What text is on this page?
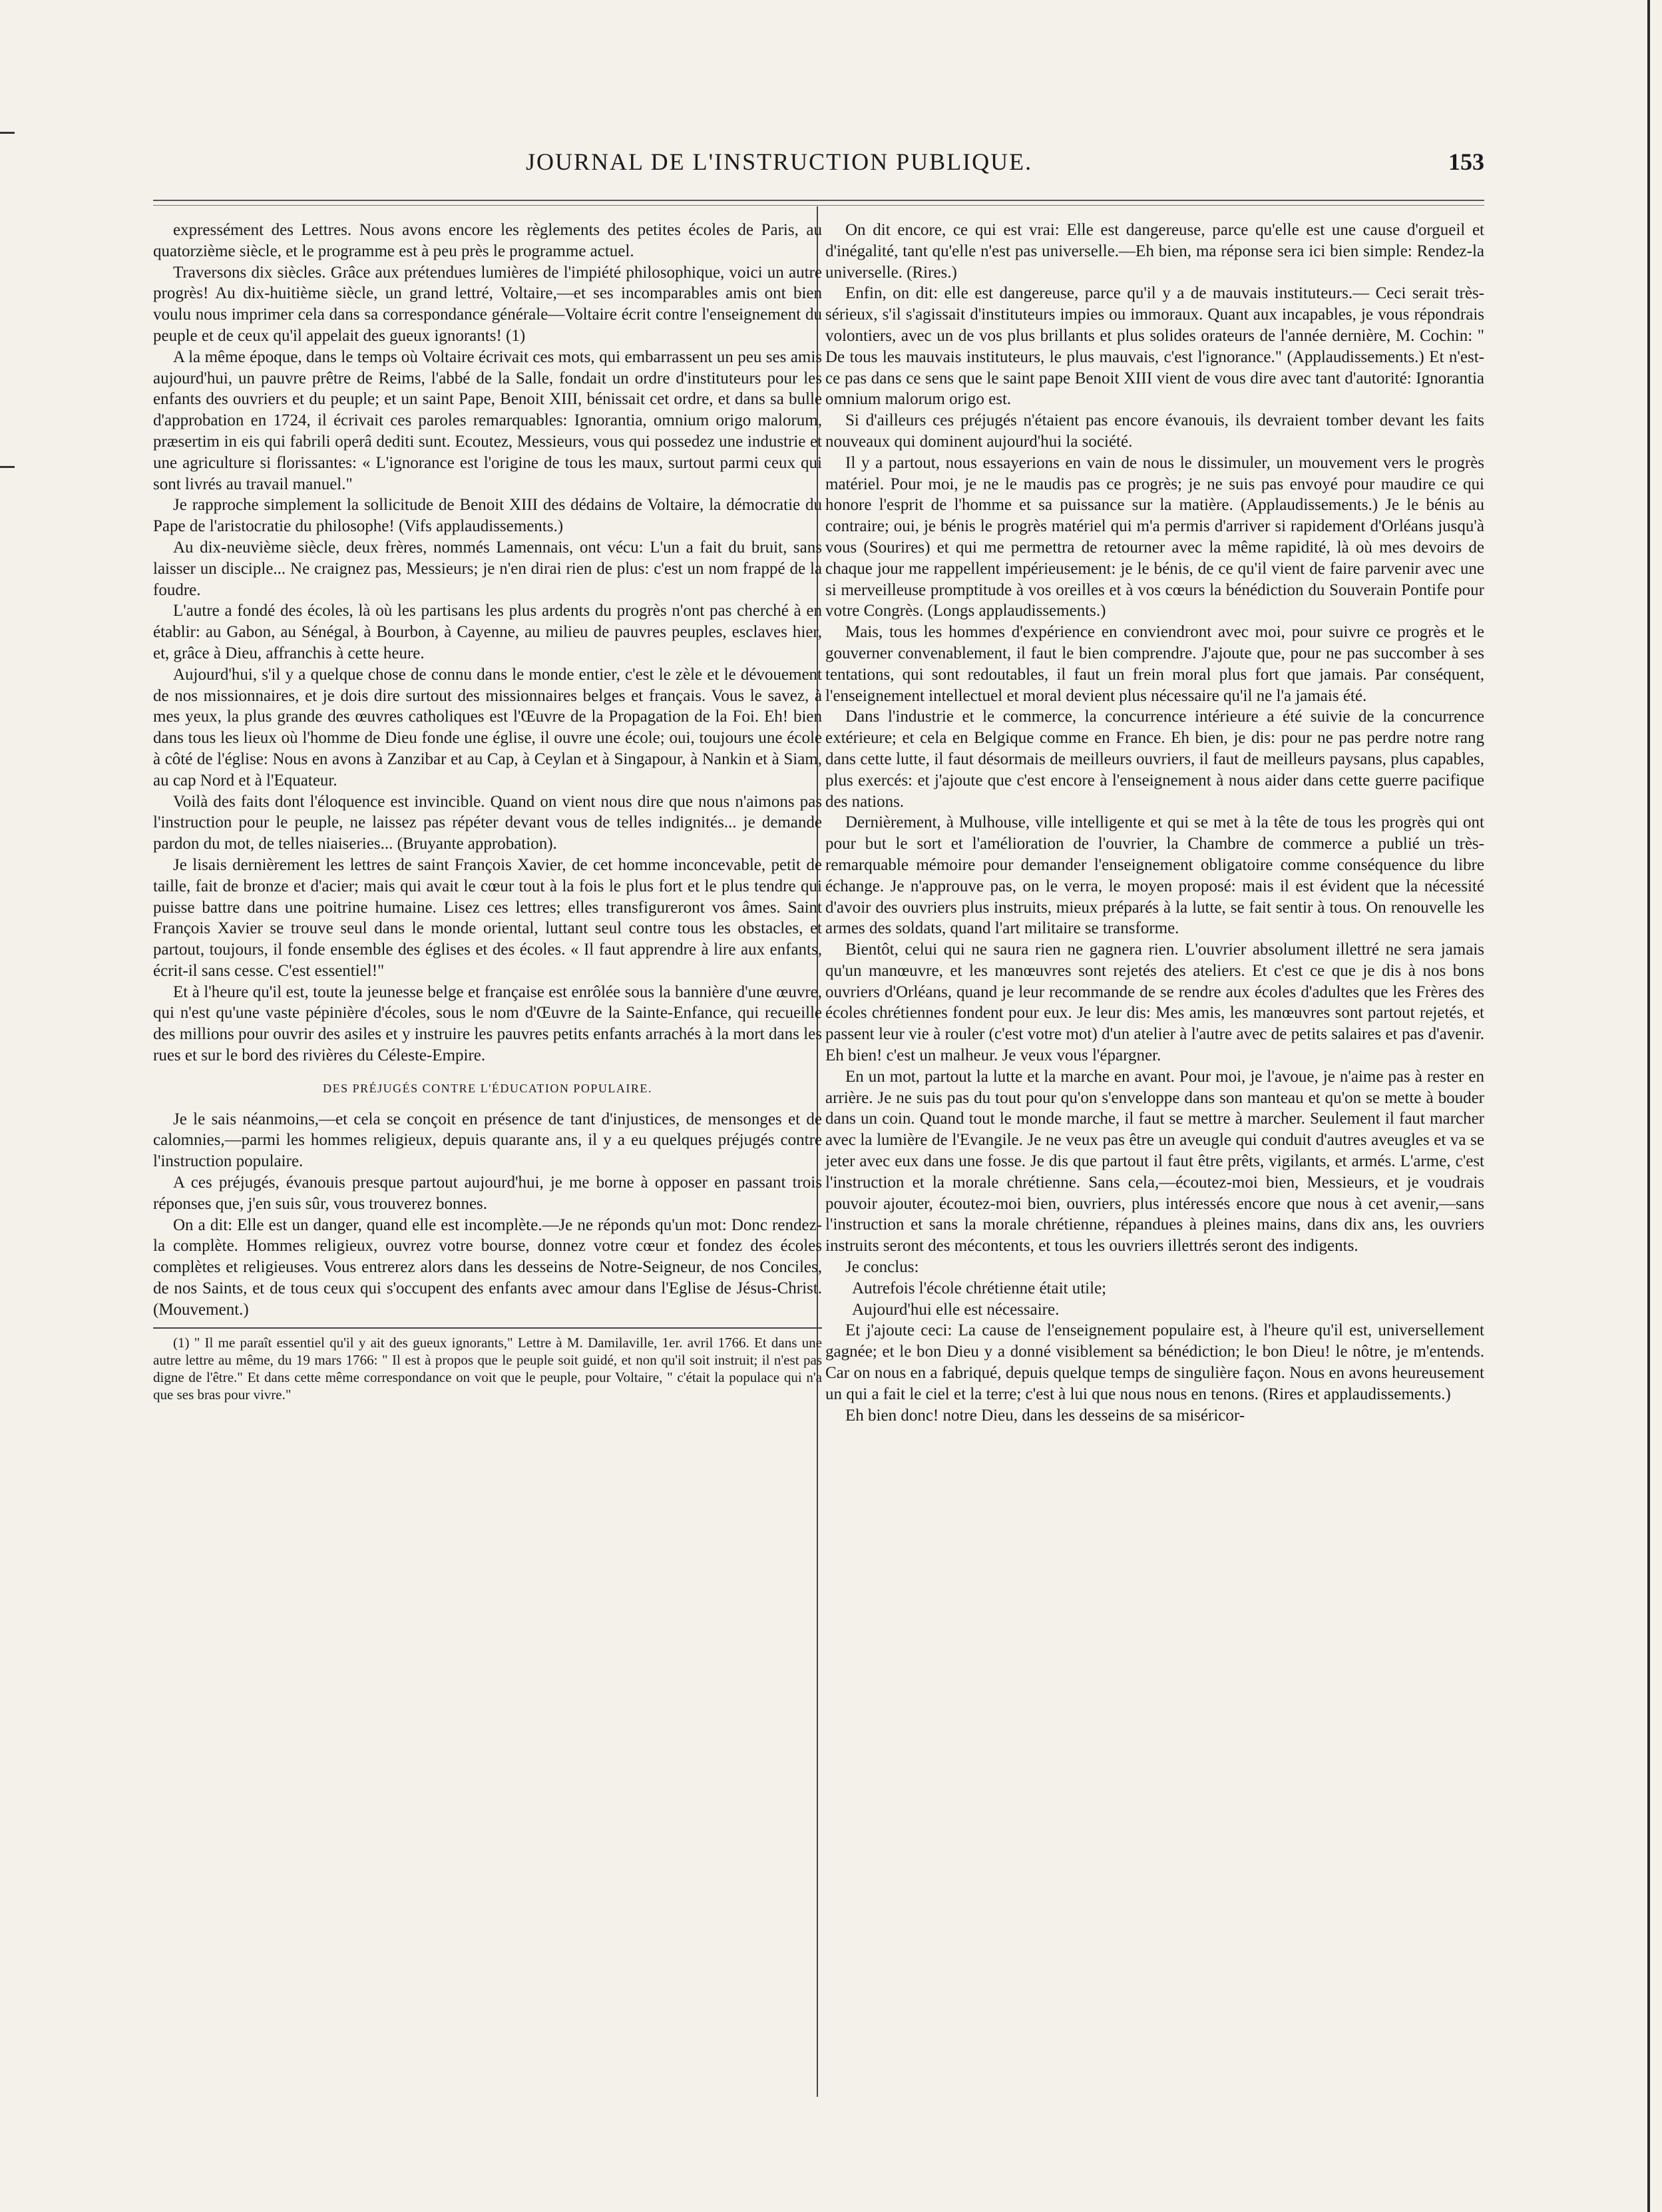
JOURNAL DE L'INSTRUCTION PUBLIQUE.	153

expressément des Lettres. Nous avons encore les règlements des petites écoles de Paris, au quatorzième siècle, et le programme est à peu près le programme actuel.

Traversons dix siècles. Grâce aux prétendues lumières de l'impiété philosophique, voici un autre progrès! Au dix-huitième siècle, un grand lettré, Voltaire,—et ses incomparables amis ont bien voulu nous imprimer cela dans sa correspondance générale—Voltaire écrit contre l'enseignement du peuple et de ceux qu'il appelait des gueux ignorants! (1)

A la même époque, dans le temps où Voltaire écrivait ces mots, qui embarrassent un peu ses amis aujourd'hui, un pauvre prêtre de Reims, l'abbé de la Salle, fondait un ordre d'instituteurs pour les enfants des ouvriers et du peuple; et un saint Pape, Benoit XIII, bénissait cet ordre, et dans sa bulle d'approbation en 1724, il écrivait ces paroles remarquables: Ignorantia, omnium origo malorum, præsertim in eis qui fabrili operâ dediti sunt. Ecoutez, Messieurs, vous qui possedez une industrie et une agriculture si florissantes: « L'ignorance est l'origine de tous les maux, surtout parmi ceux qui sont livrés au travail manuel."

Je rapproche simplement la sollicitude de Benoit XIII des dédains de Voltaire, la démocratie du Pape de l'aristocratie du philosophe! (Vifs applaudissements.)

Au dix-neuvième siècle, deux frères, nommés Lamennais, ont vécu: L'un a fait du bruit, sans laisser un disciple... Ne craignez pas, Messieurs; je n'en dirai rien de plus: c'est un nom frappé de la foudre.

L'autre a fondé des écoles, là où les partisans les plus ardents du progrès n'ont pas cherché à en établir: au Gabon, au Sénégal, à Bourbon, à Cayenne, au milieu de pauvres peuples, esclaves hier, et, grâce à Dieu, affranchis à cette heure.

Aujourd'hui, s'il y a quelque chose de connu dans le monde entier, c'est le zèle et le dévouement de nos missionnaires, et je dois dire surtout des missionnaires belges et français. Vous le savez, à mes yeux, la plus grande des œuvres catholiques est l'Œuvre de la Propagation de la Foi. Eh! bien dans tous les lieux où l'homme de Dieu fonde une église, il ouvre une école; oui, toujours une école à côté de l'église: Nous en avons à Zanzibar et au Cap, à Ceylan et à Singapour, à Nankin et à Siam, au cap Nord et à l'Equateur.

Voilà des faits dont l'éloquence est invincible. Quand on vient nous dire que nous n'aimons pas l'instruction pour le peuple, ne laissez pas répéter devant vous de telles indignités... je demande pardon du mot, de telles niaiseries... (Bruyante approbation).

Je lisais dernièrement les lettres de saint François Xavier, de cet homme inconcevable, petit de taille, fait de bronze et d'acier; mais qui avait le cœur tout à la fois le plus fort et le plus tendre qui puisse battre dans une poitrine humaine. Lisez ces lettres; elles transfigureront vos âmes. Saint François Xavier se trouve seul dans le monde oriental, luttant seul contre tous les obstacles, et partout, toujours, il fonde ensemble des églises et des écoles. « Il faut apprendre à lire aux enfants, écrit-il sans cesse. C'est essentiel!"

Et à l'heure qu'il est, toute la jeunesse belge et française est enrôlée sous la bannière d'une œuvre, qui n'est qu'une vaste pépinière d'écoles, sous le nom d'Œuvre de la Sainte-Enfance, qui recueille des millions pour ouvrir des asiles et y instruire les pauvres petits enfants arrachés à la mort dans les rues et sur le bord des rivières du Céleste-Empire.

DES PRÉJUGÉS CONTRE L'ÉDUCATION POPULAIRE.

Je le sais néanmoins,—et cela se conçoit en présence de tant d'injustices, de mensonges et de calomnies,—parmi les hommes religieux, depuis quarante ans, il y a eu quelques préjugés contre l'instruction populaire.

A ces préjugés, évanouis presque partout aujourd'hui, je me borne à opposer en passant trois réponses que, j'en suis sûr, vous trouverez bonnes.

On a dit: Elle est un danger, quand elle est incomplète.—Je ne réponds qu'un mot: Donc rendez-la complète. Hommes religieux, ouvrez votre bourse, donnez votre cœur et fondez des écoles complètes et religieuses. Vous entrerez alors dans les desseins de Notre-Seigneur, de nos Conciles, de nos Saints, et de tous ceux qui s'occupent des enfants avec amour dans l'Eglise de Jésus-Christ. (Mouvement.)

(1) " Il me paraît essentiel qu'il y ait des gueux ignorants," Lettre à M. Damilaville, 1er. avril 1766. Et dans une autre lettre au même, du 19 mars 1766: " Il est à propos que le peuple soit guidé, et non qu'il soit instruit; il n'est pas digne de l'être." Et dans cette même correspondance on voit que le peuple, pour Voltaire, " c'était la populace qui n'a que ses bras pour vivre."

On dit encore, ce qui est vrai: Elle est dangereuse, parce qu'elle est une cause d'orgueil et d'inégalité, tant qu'elle n'est pas universelle.—Eh bien, ma réponse sera ici bien simple: Rendez-la universelle. (Rires.)

Enfin, on dit: elle est dangereuse, parce qu'il y a de mauvais instituteurs.— Ceci serait très-sérieux, s'il s'agissait d'instituteurs impies ou immoraux. Quant aux incapables, je vous répondrais volontiers, avec un de vos plus brillants et plus solides orateurs de l'année dernière, M. Cochin: " De tous les mauvais instituteurs, le plus mauvais, c'est l'ignorance." (Applaudissements.) Et n'est-ce pas dans ce sens que le saint pape Benoit XIII vient de vous dire avec tant d'autorité: Ignorantia omnium malorum origo est.

Si d'ailleurs ces préjugés n'étaient pas encore évanouis, ils devraient tomber devant les faits nouveaux qui dominent aujourd'hui la société.

Il y a partout, nous essayerions en vain de nous le dissimuler, un mouvement vers le progrès matériel. Pour moi, je ne le maudis pas ce progrès; je ne suis pas envoyé pour maudire ce qui honore l'esprit de l'homme et sa puissance sur la matière. (Applaudissements.) Je le bénis au contraire; oui, je bénis le progrès matériel qui m'a permis d'arriver si rapidement d'Orléans jusqu'à vous (Sourires) et qui me permettra de retourner avec la même rapidité, là où mes devoirs de chaque jour me rappellent impérieusement: je le bénis, de ce qu'il vient de faire parvenir avec une si merveilleuse promptitude à vos oreilles et à vos cœurs la bénédiction du Souverain Pontife pour votre Congrès. (Longs applaudissements.)

Mais, tous les hommes d'expérience en conviendront avec moi, pour suivre ce progrès et le gouverner convenablement, il faut le bien comprendre. J'ajoute que, pour ne pas succomber à ses tentations, qui sont redoutables, il faut un frein moral plus fort que jamais. Par conséquent, l'enseignement intellectuel et moral devient plus nécessaire qu'il ne l'a jamais été.

Dans l'industrie et le commerce, la concurrence intérieure a été suivie de la concurrence extérieure; et cela en Belgique comme en France. Eh bien, je dis: pour ne pas perdre notre rang dans cette lutte, il faut désormais de meilleurs ouvriers, il faut de meilleurs paysans, plus capables, plus exercés: et j'ajoute que c'est encore à l'enseignement à nous aider dans cette guerre pacifique des nations.

Dernièrement, à Mulhouse, ville intelligente et qui se met à la tête de tous les progrès qui ont pour but le sort et l'amélioration de l'ouvrier, la Chambre de commerce a publié un très-remarquable mémoire pour demander l'enseignement obligatoire comme conséquence du libre échange. Je n'approuve pas, on le verra, le moyen proposé: mais il est évident que la nécessité d'avoir des ouvriers plus instruits, mieux préparés à la lutte, se fait sentir à tous. On renouvelle les armes des soldats, quand l'art militaire se transforme.

Bientôt, celui qui ne saura rien ne gagnera rien. L'ouvrier absolument illettré ne sera jamais qu'un manœuvre, et les manœuvres sont rejetés des ateliers. Et c'est ce que je dis à nos bons ouvriers d'Orléans, quand je leur recommande de se rendre aux écoles d'adultes que les Frères des écoles chrétiennes fondent pour eux. Je leur dis: Mes amis, les manœuvres sont partout rejetés, et passent leur vie à rouler (c'est votre mot) d'un atelier à l'autre avec de petits salaires et pas d'avenir. Eh bien! c'est un malheur. Je veux vous l'épargner.

En un mot, partout la lutte et la marche en avant. Pour moi, je l'avoue, je n'aime pas à rester en arrière. Je ne suis pas du tout pour qu'on s'enveloppe dans son manteau et qu'on se mette à bouder dans un coin. Quand tout le monde marche, il faut se mettre à marcher. Seulement il faut marcher avec la lumière de l'Evangile. Je ne veux pas être un aveugle qui conduit d'autres aveugles et va se jeter avec eux dans une fosse. Je dis que partout il faut être prêts, vigilants, et armés. L'arme, c'est l'instruction et la morale chrétienne. Sans cela,—écoutez-moi bien, Messieurs, et je voudrais pouvoir ajouter, écoutez-moi bien, ouvriers, plus intéressés encore que nous à cet avenir,—sans l'instruction et sans la morale chrétienne, répandues à pleines mains, dans dix ans, les ouvriers instruits seront des mécontents, et tous les ouvriers illettrés seront des indigents.

Je conclus:

Autrefois l'école chrétienne était utile;

Aujourd'hui elle est nécessaire.

Et j'ajoute ceci: La cause de l'enseignement populaire est, à l'heure qu'il est, universellement gagnée; et le bon Dieu y a donné visiblement sa bénédiction; le bon Dieu! le nôtre, je m'entends. Car on nous en a fabriqué, depuis quelque temps de singulière façon. Nous en avons heureusement un qui a fait le ciel et la terre; c'est à lui que nous nous en tenons. (Rires et applaudissements.)

Eh bien donc! notre Dieu, dans les desseins de sa miséricor-
